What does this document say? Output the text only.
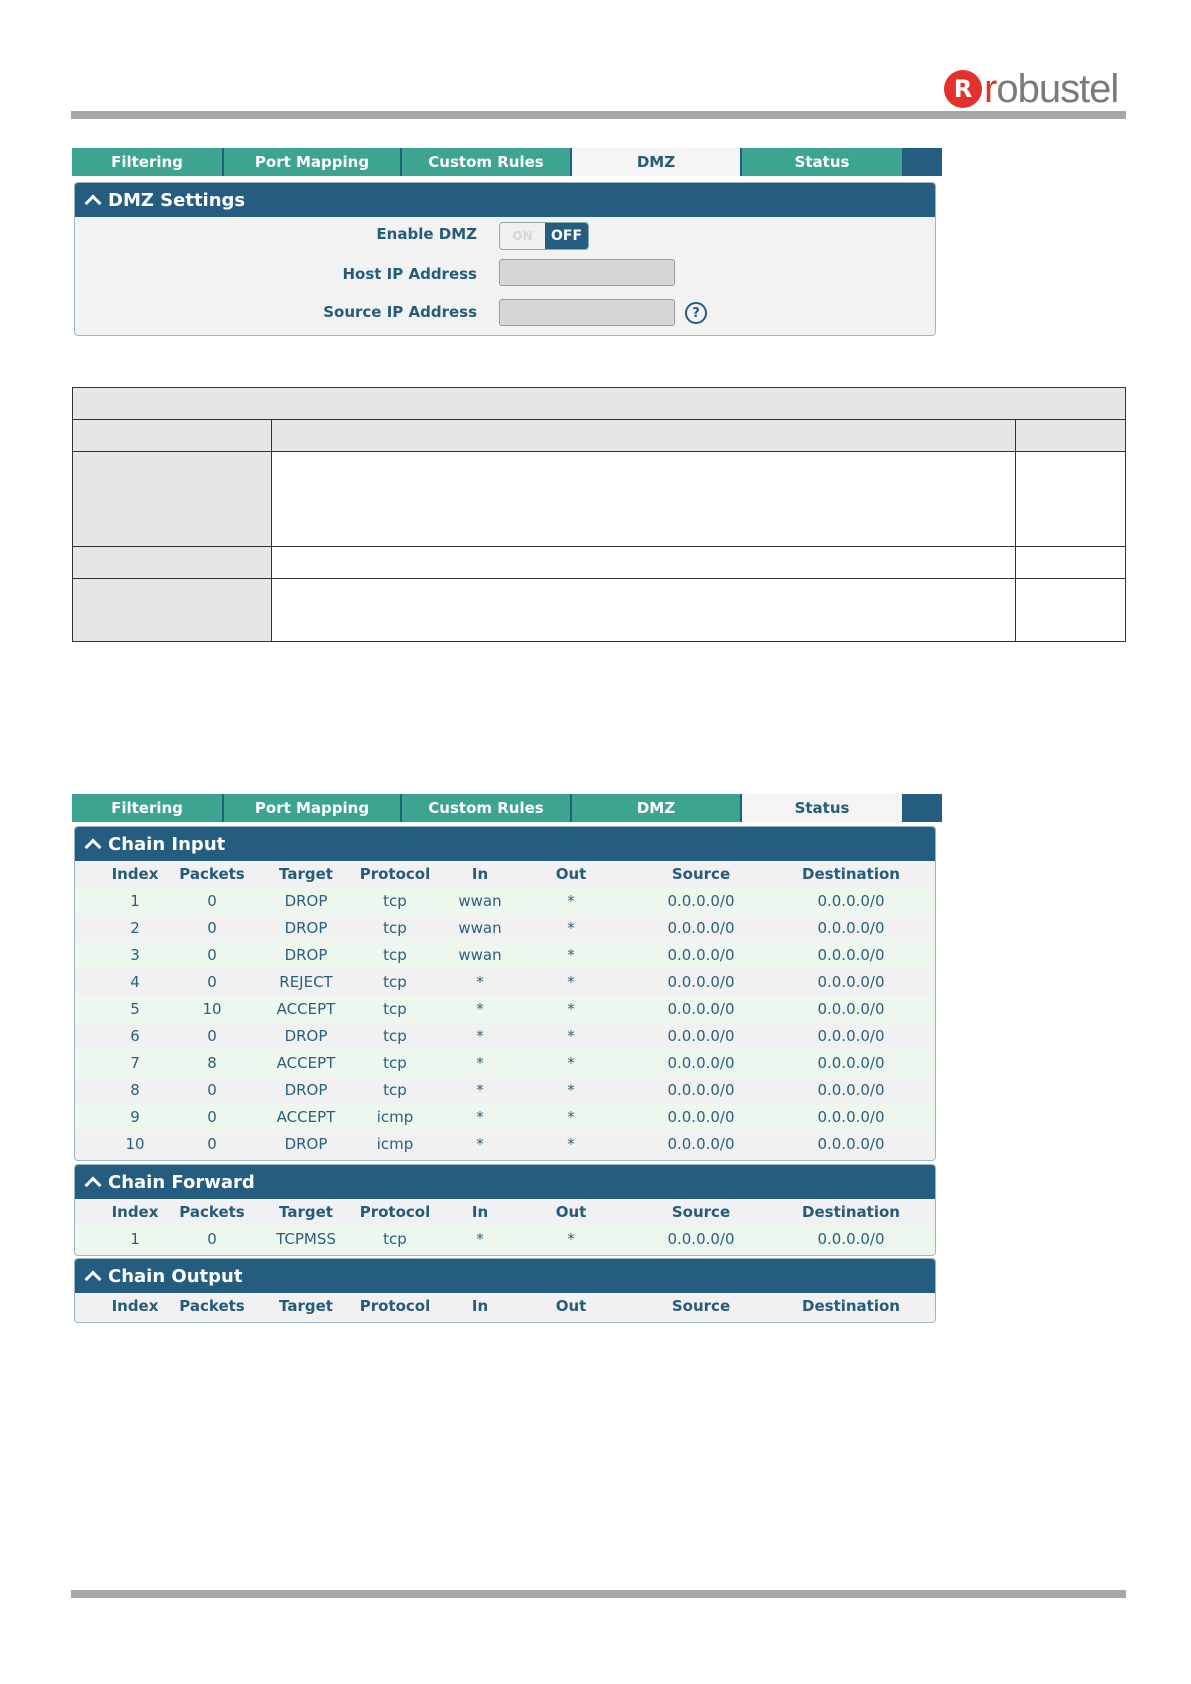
R robustel
Filtering	Port Mapping	Custom Rules	DMZ	Status
DMZ Settings
Enable DMZ	ON	OFF
Host IP Address
Source IP Address	?

Filtering	Port Mapping	Custom Rules	DMZ	Status
Chain Input
Index	Packets	Target	Protocol	In	Out	Source	Destination
1	0	DROP	tcp	wwan	*	0.0.0.0/0	0.0.0.0/0
2	0	DROP	tcp	wwan	*	0.0.0.0/0	0.0.0.0/0
3	0	DROP	tcp	wwan	*	0.0.0.0/0	0.0.0.0/0
4	0	REJECT	tcp	*	*	0.0.0.0/0	0.0.0.0/0
5	10	ACCEPT	tcp	*	*	0.0.0.0/0	0.0.0.0/0
6	0	DROP	tcp	*	*	0.0.0.0/0	0.0.0.0/0
7	8	ACCEPT	tcp	*	*	0.0.0.0/0	0.0.0.0/0
8	0	DROP	tcp	*	*	0.0.0.0/0	0.0.0.0/0
9	0	ACCEPT	icmp	*	*	0.0.0.0/0	0.0.0.0/0
10	0	DROP	icmp	*	*	0.0.0.0/0	0.0.0.0/0
Chain Forward
Index	Packets	Target	Protocol	In	Out	Source	Destination
1	0	TCPMSS	tcp	*	*	0.0.0.0/0	0.0.0.0/0
Chain Output
Index	Packets	Target	Protocol	In	Out	Source	Destination
